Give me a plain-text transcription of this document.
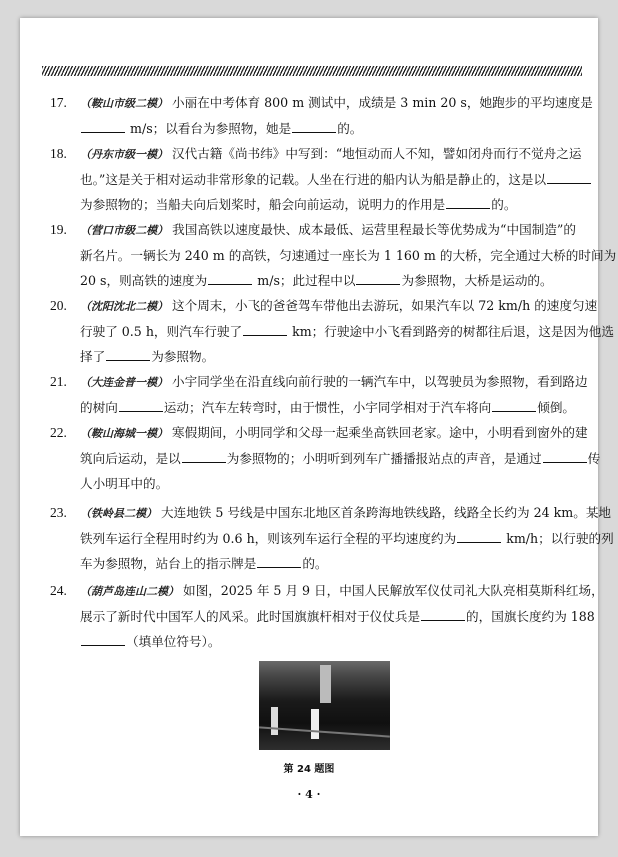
17. （鞍山市级二模） 小丽在中考体育 800 m 测试中，成绩是 3 min 20 s，她跑步的平均速度是
m/s；以看台为参照物，她是	的。
18. （丹东市级一模） 汉代古籍《尚书纬》中写到：“地恒动而人不知，譬如闭舟而行不觉舟之运
也。”这是关于相对运动非常形象的记载。人坐在行进的船内认为船是静止的，这是以
为参照物的；当船夫向后划桨时，船会向前运动，说明力的作用是	的。
19. （营口市级二模） 我国高铁以速度最快、成本最低、运营里程最长等优势成为“中国制造”的
新名片。一辆长为 240 m 的高铁，匀速通过一座长为 1 160 m 的大桥，完全通过大桥的时间为
20 s，则高铁的速度为	m/s；此过程中以	为参照物，大桥是运动的。
20. （沈阳沈北二模） 这个周末，小飞的爸爸驾车带他出去游玩，如果汽车以 72 km/h 的速度匀速
行驶了 0.5 h，则汽车行驶了	km；行驶途中小飞看到路旁的树都往后退，这是因为他选
择了	为参照物。
21. （大连金普一模） 小宇同学坐在沿直线向前行驶的一辆汽车中，以驾驶员为参照物，看到路边
的树向	运动；汽车左转弯时，由于惯性，小宇同学相对于汽车将向	倾倒。
22. （鞍山海城一模） 寒假期间，小明同学和父母一起乘坐高铁回老家。途中，小明看到窗外的建
筑向后运动，是以	为参照物的；小明听到列车广播播报站点的声音，是通过	传
人小明耳中的。
23. （铁岭县二模） 大连地铁 5 号线是中国东北地区首条跨海地铁线路，线路全长约为 24 km。某地
铁列车运行全程用时约为 0.6 h，则该列车运行全程的平均速度约为	km/h；以行驶的列
车为参照物，站台上的指示牌是	的。
24. （葫芦岛连山二模） 如图，2025 年 5 月 9 日，中国人民解放军仪仗司礼大队亮相莫斯科红场，
展示了新时代中国军人的风采。此时国旗旗杆相对于仪仗兵是	的，国旗长度约为 188
（填单位符号）。
第 24 题图
· 4 ·
